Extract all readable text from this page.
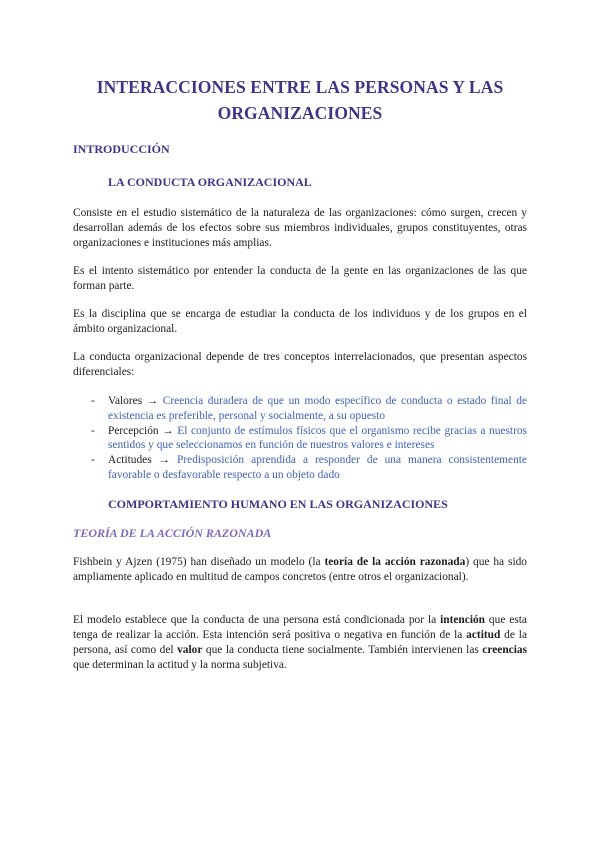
INTERACCIONES ENTRE LAS PERSONAS Y LAS ORGANIZACIONES
INTRODUCCIÓN
LA CONDUCTA ORGANIZACIONAL
Consiste en el estudio sistemático de la naturaleza de las organizaciones: cómo surgen, crecen y desarrollan además de los efectos sobre sus miembros individuales, grupos constituyentes, otras organizaciones e instituciones más amplias.
Es el intento sistemático por entender la conducta de la gente en las organizaciones de las que forman parte.
Es la disciplina que se encarga de estudiar la conducta de los individuos y de los grupos en el ámbito organizacional.
La conducta organizacional depende de tres conceptos interrelacionados, que presentan aspectos diferenciales:
- Valores → Creencia duradera de que un modo específico de conducta o estado final de existencia es preferible, personal y socialmente, a su opuesto
- Percepción → El conjunto de estímulos físicos que el organismo recibe gracias a nuestros sentidos y que seleccionamos en función de nuestros valores e intereses
- Actitudes → Predisposición aprendida a responder de una manera consistentemente favorable o desfavorable respecto a un objeto dado
COMPORTAMIENTO HUMANO EN LAS ORGANIZACIONES
TEORÍA DE LA ACCIÓN RAZONADA
Fishbein y Ajzen (1975) han diseñado un modelo (la teoría de la acción razonada) que ha sido ampliamente aplicado en multitud de campos concretos (entre otros el organizacional).
El modelo establece que la conducta de una persona está condicionada por la intención que esta tenga de realizar la acción. Esta intención será positiva o negativa en función de la actitud de la persona, así como del valor que la conducta tiene socialmente. También intervienen las creencias que determinan la actitud y la norma subjetiva.
